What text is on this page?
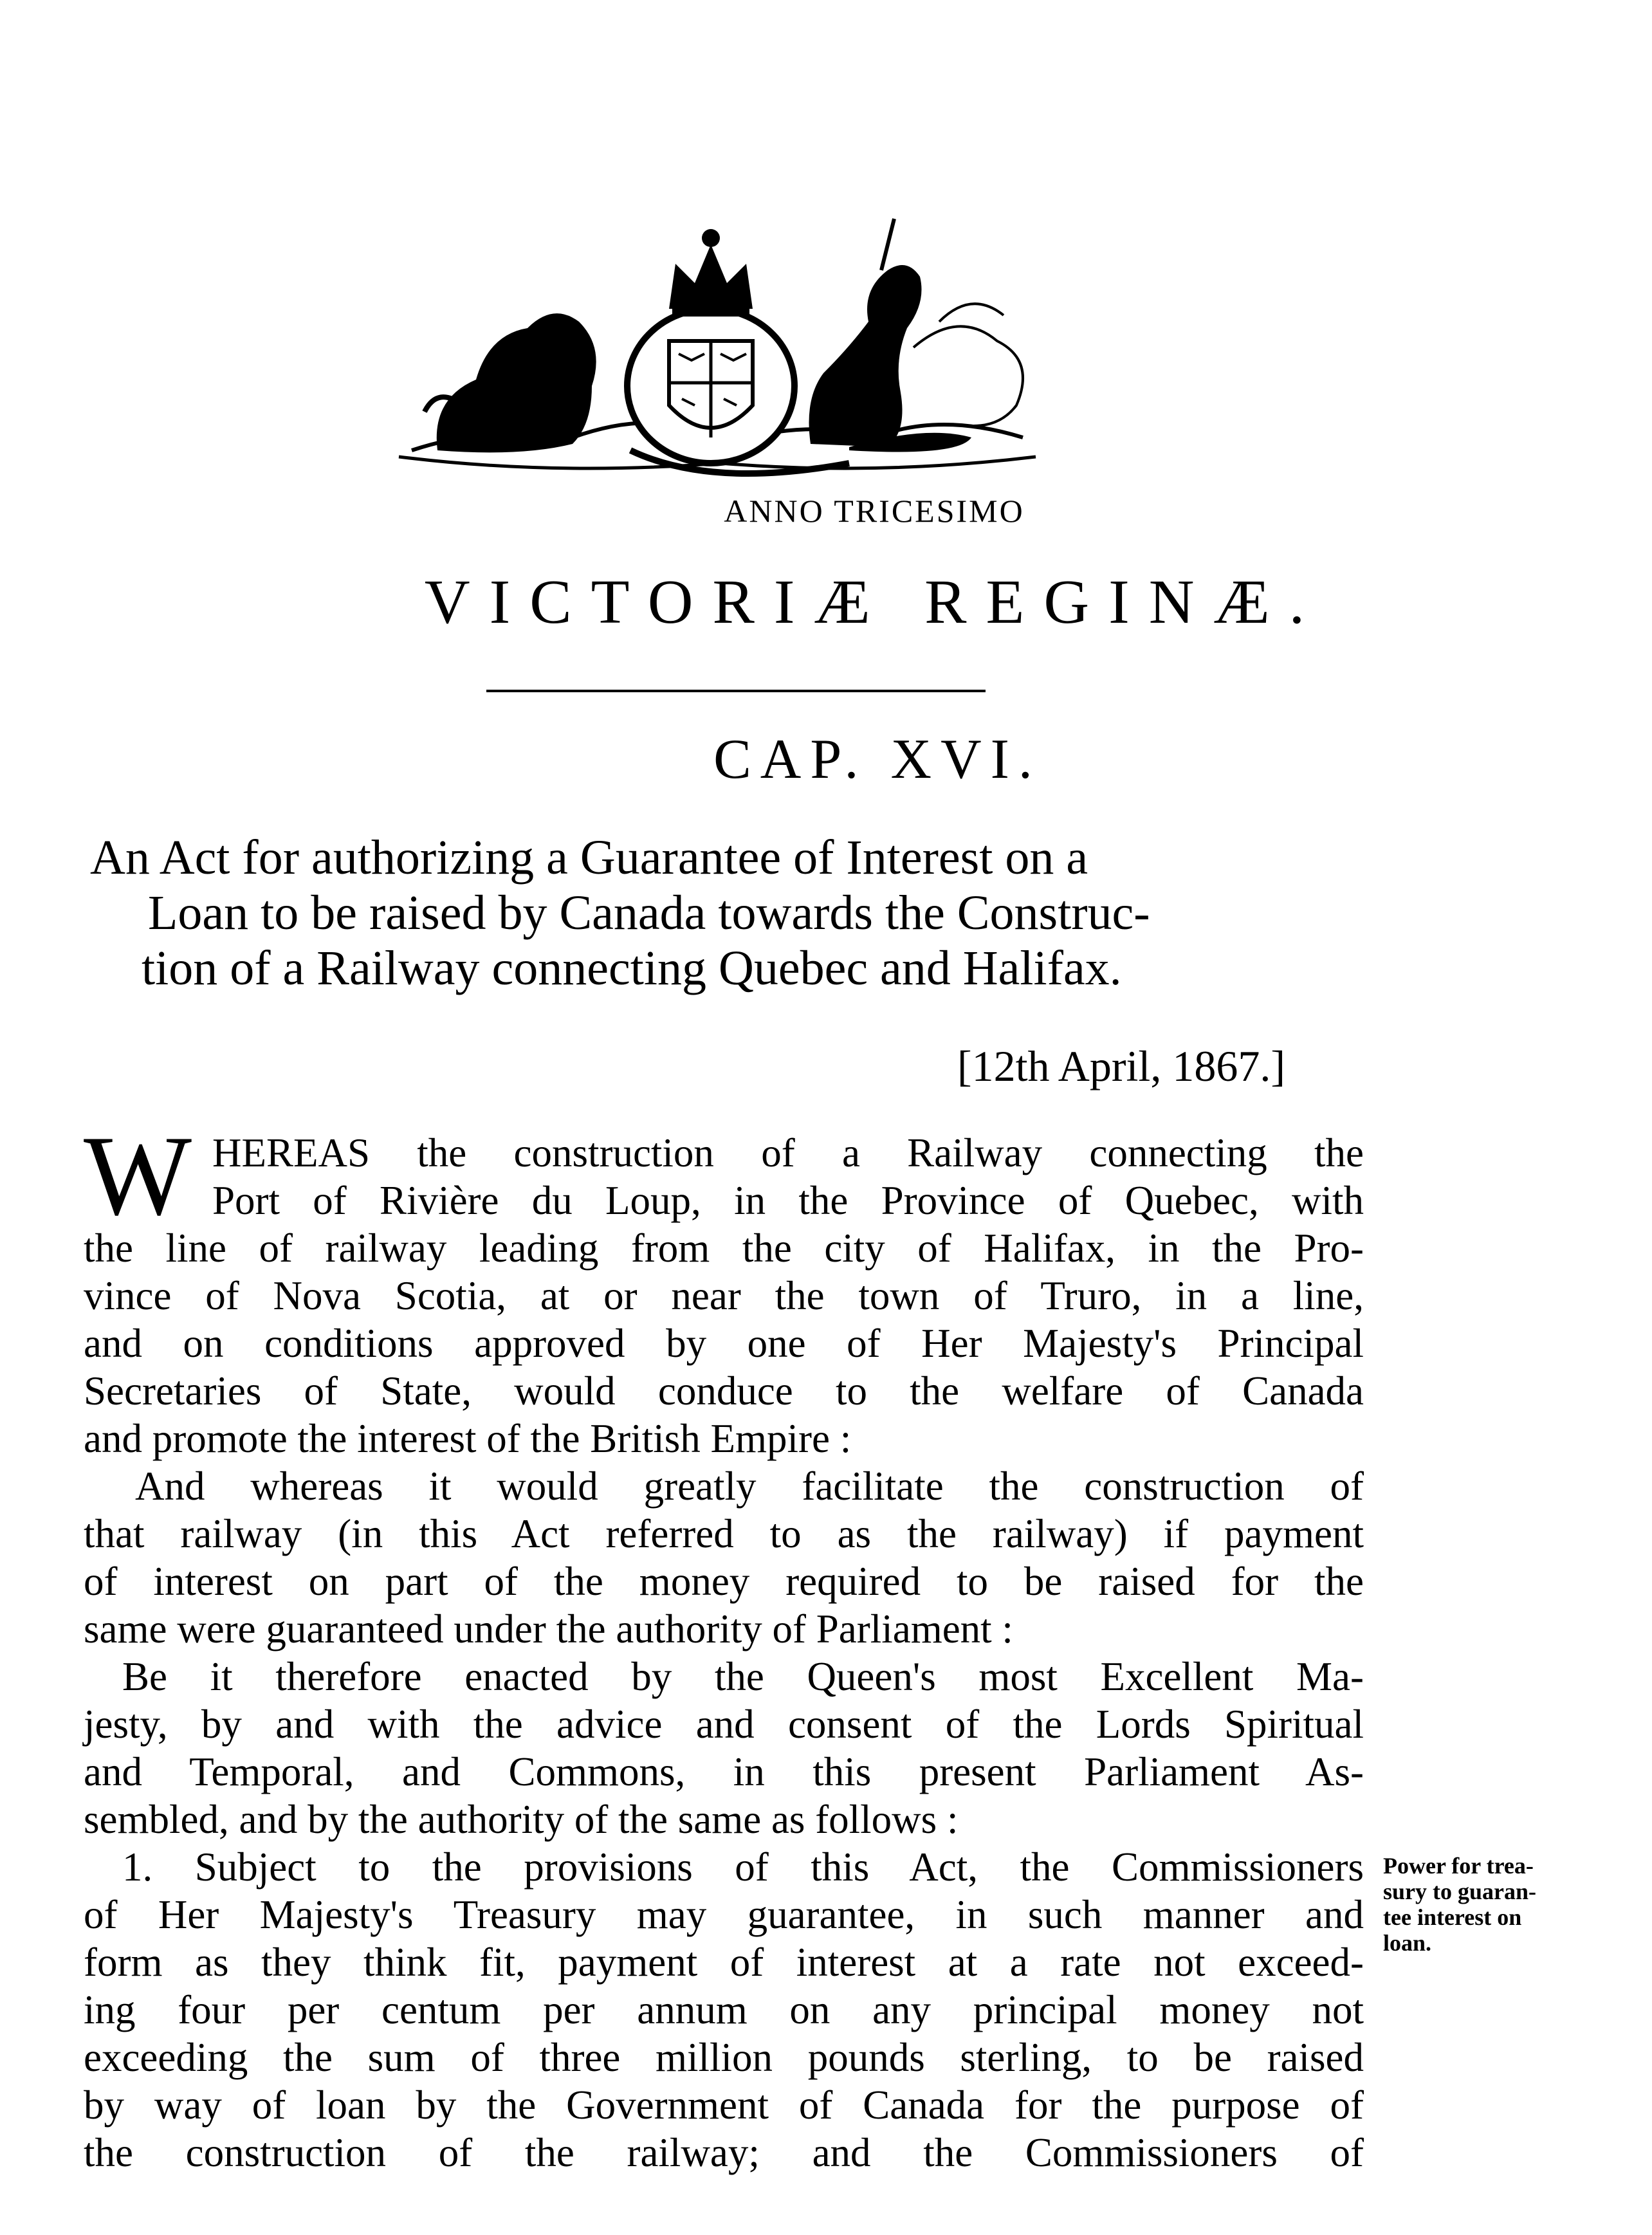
ANNO TRICESIMO
VICTORIÆ REGINÆ.
CAP. XVI.
An Act for authorizing a Guarantee of Interest on a
Loan to be raised by Canada towards the Construc-
tion of a Railway connecting Quebec and Halifax.
[12th April, 1867.]
W HEREAS the construction of a Railway connecting the
Port of Rivière du Loup, in the Province of Quebec, with
the line of railway leading from the city of Halifax, in the Pro-
vince of Nova Scotia, at or near the town of Truro, in a line,
and on conditions approved by one of Her Majesty's Principal
Secretaries of State, would conduce to the welfare of Canada
and promote the interest of the British Empire :
And whereas it would greatly facilitate the construction of
that railway (in this Act referred to as the railway) if payment
of interest on part of the money required to be raised for the
same were guaranteed under the authority of Parliament :
Be it therefore enacted by the Queen's most Excellent Ma-
jesty, by and with the advice and consent of the Lords Spiritual
and Temporal, and Commons, in this present Parliament As-
sembled, and by the authority of the same as follows :
1. Subject to the provisions of this Act, the Commissioners
of Her Majesty's Treasury may guarantee, in such manner and
form as they think fit, payment of interest at a rate not exceed-
ing four per centum per annum on any principal money not
exceeding the sum of three million pounds sterling, to be raised
by way of loan by the Government of Canada for the purpose of
the construction of the railway; and the Commissioners of
Power for trea-
sury to guaran-
tee interest on
loan.
